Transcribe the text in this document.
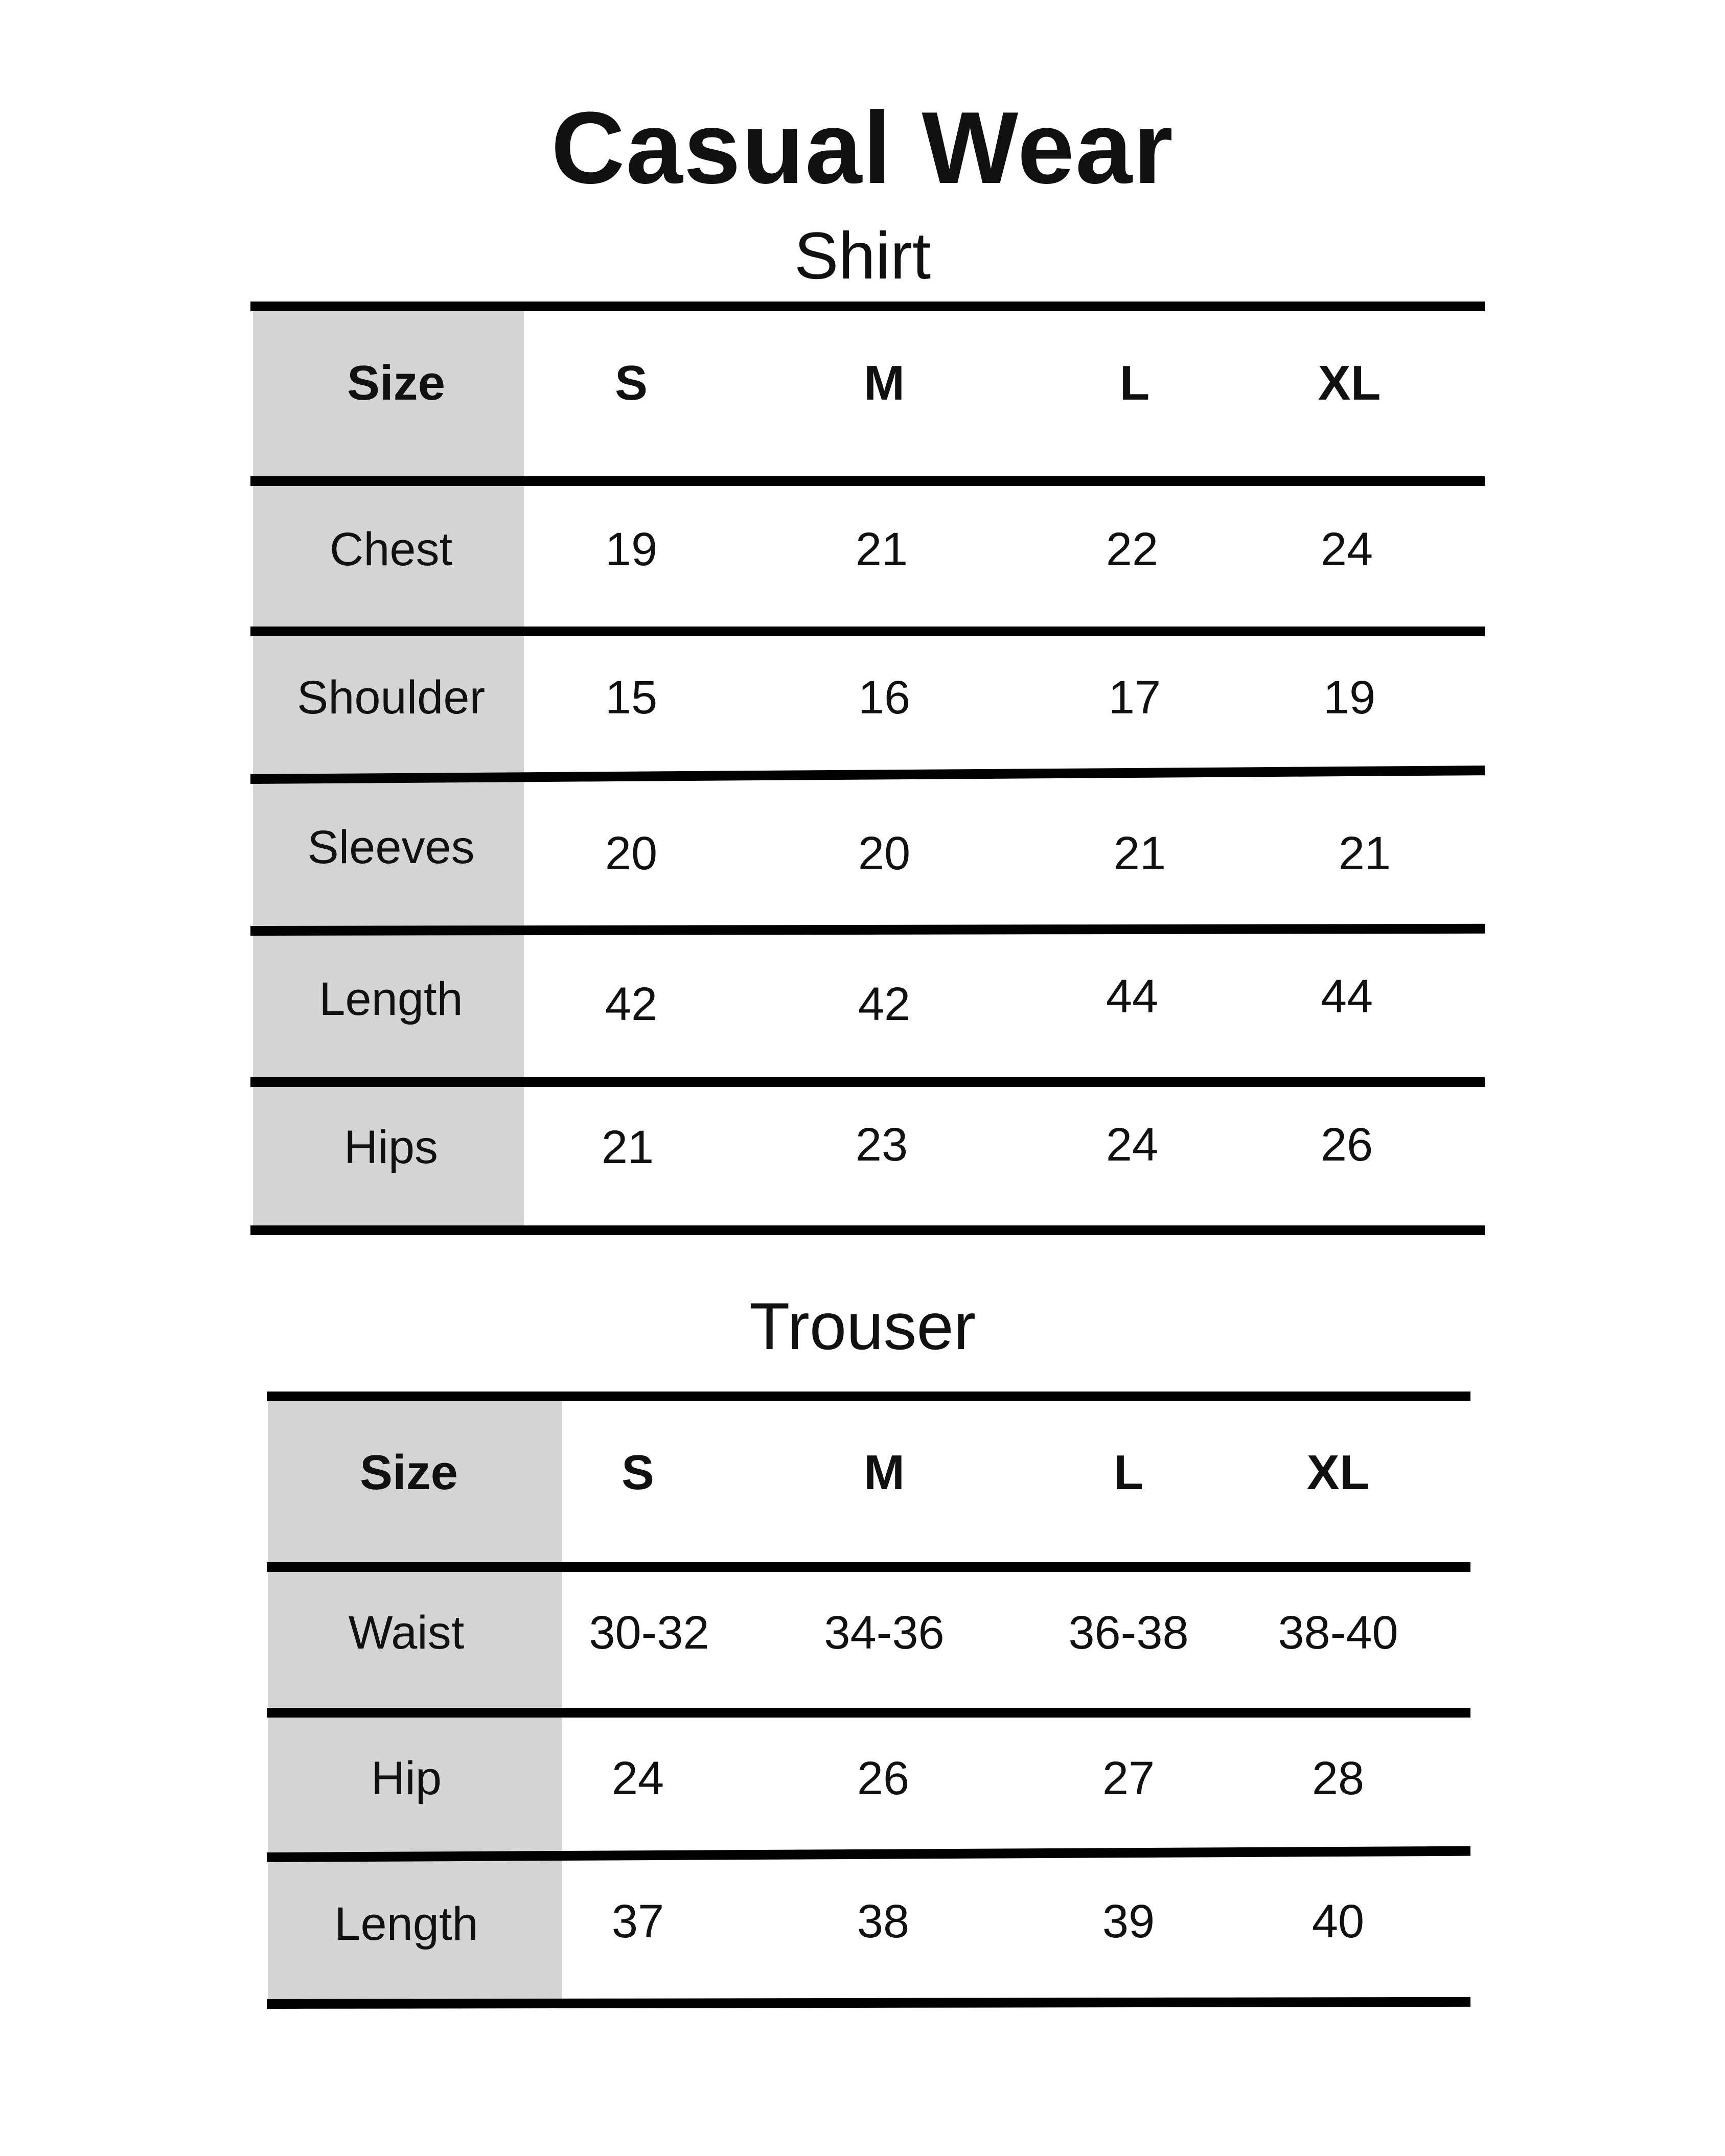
Casual Wear
Shirt
Size	S	M	L	XL
Chest	19	21	22	24
Shoulder	15	16	17	19
Sleeves	20	20	21	21
Length	42	42	44	44
Hips	21	23	24	26
Trouser
Size	S	M	L	XL
Waist	30-32	34-36	36-38	38-40
Hip	24	26	27	28
Length	37	38	39	40
